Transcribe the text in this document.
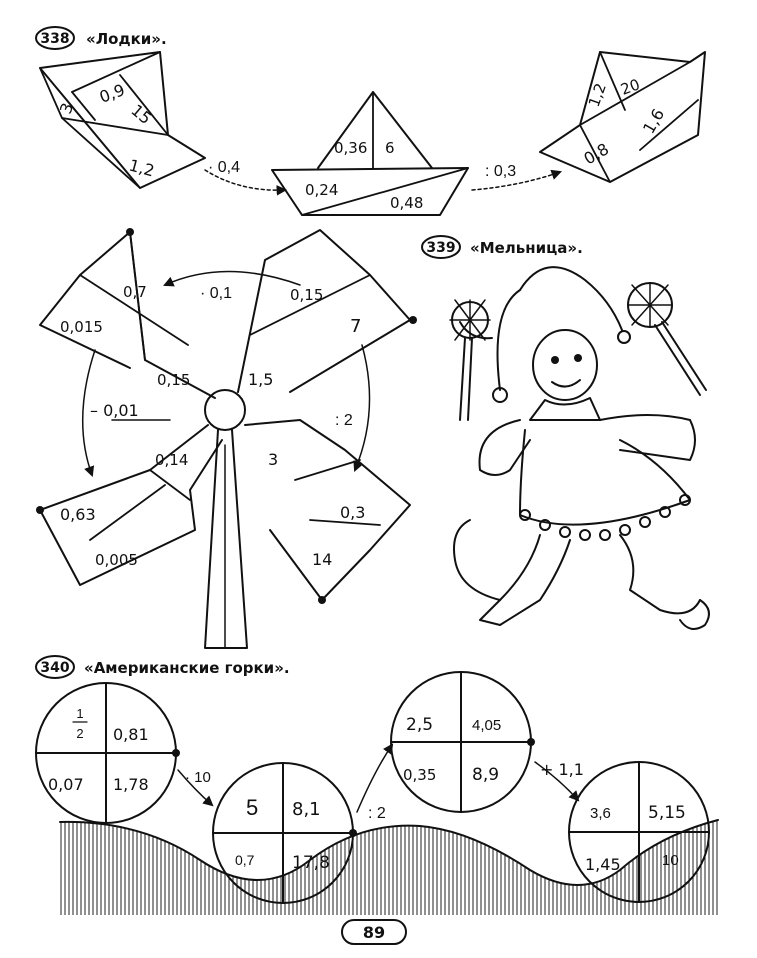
338 «Лодки».
3
0,9
15
1,2	· 0,4
0,36 6
0,24
0,48
: 0,3
1,2 20
0,8
1,6
339 «Мельница».
0,7
0,015
0,15
0,15
7
1,5
0,14
0,63
0,005
3
0,3
14
· 0,1
: 2
– 0,01
340 «Американские горки».
1
2 0,81
0,07 1,78 · 10
5 8,1
0,7 17,8
: 2
2,5	4,05
0,35 8,9	+ 1,1
3,6 5,15
1,45	10
89
